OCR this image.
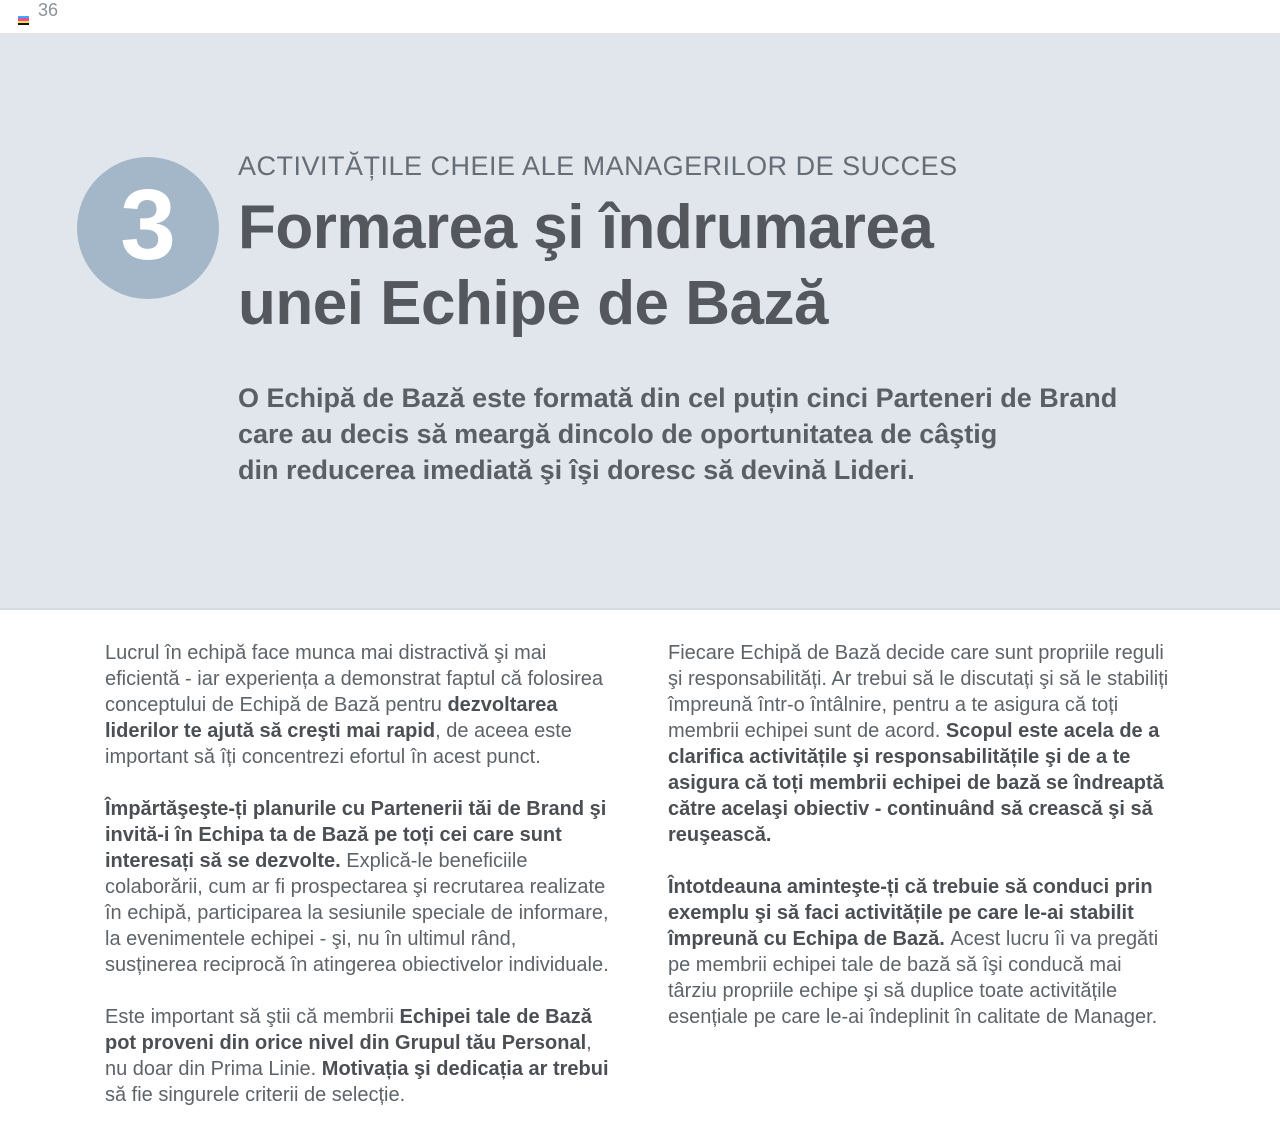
36
3
ACTIVITĂȚILE CHEIE ALE MANAGERILOR DE SUCCES
Formarea şi îndrumarea
unei Echipe de Bază
O Echipă de Bază este formată din cel puțin cinci Parteneri de Brand
care au decis să meargă dincolo de oportunitatea de câştig
din reducerea imediată şi îşi doresc să devină Lideri.

Lucrul în echipă face munca mai distractivă şi mai eficientă - iar experiența a demonstrat faptul că folosirea conceptului de Echipă de Bază pentru dezvoltarea liderilor te ajută să creşti mai rapid, de aceea este important să îți concentrezi efortul în acest punct.

Împărtăşeşte-ți planurile cu Partenerii tăi de Brand şi invită-i în Echipa ta de Bază pe toți cei care sunt interesați să se dezvolte. Explică-le beneficiile colaborării, cum ar fi prospectarea şi recrutarea realizate în echipă, participarea la sesiunile speciale de informare, la evenimentele echipei - şi, nu în ultimul rând, susținerea reciprocă în atingerea obiectivelor individuale.

Este important să ştii că membrii Echipei tale de Bază pot proveni din orice nivel din Grupul tău Personal, nu doar din Prima Linie. Motivația şi dedicația ar trebui să fie singurele criterii de selecție.

Fiecare Echipă de Bază decide care sunt propriile reguli şi responsabilități. Ar trebui să le discutați şi să le stabiliți împreună într-o întâlnire, pentru a te asigura că toți membrii echipei sunt de acord. Scopul este acela de a clarifica activitățile şi responsabilitățile şi de a te asigura că toți membrii echipei de bază se îndreaptă către acelaşi obiectiv - continuând să crească şi să reuşească.

Întotdeauna aminteşte-ți că trebuie să conduci prin exemplu şi să faci activitățile pe care le-ai stabilit împreună cu Echipa de Bază. Acest lucru îi va pregăti pe membrii echipei tale de bază să îşi conducă mai târziu propriile echipe şi să duplice toate activitățile esențiale pe care le-ai îndeplinit în calitate de Manager.
